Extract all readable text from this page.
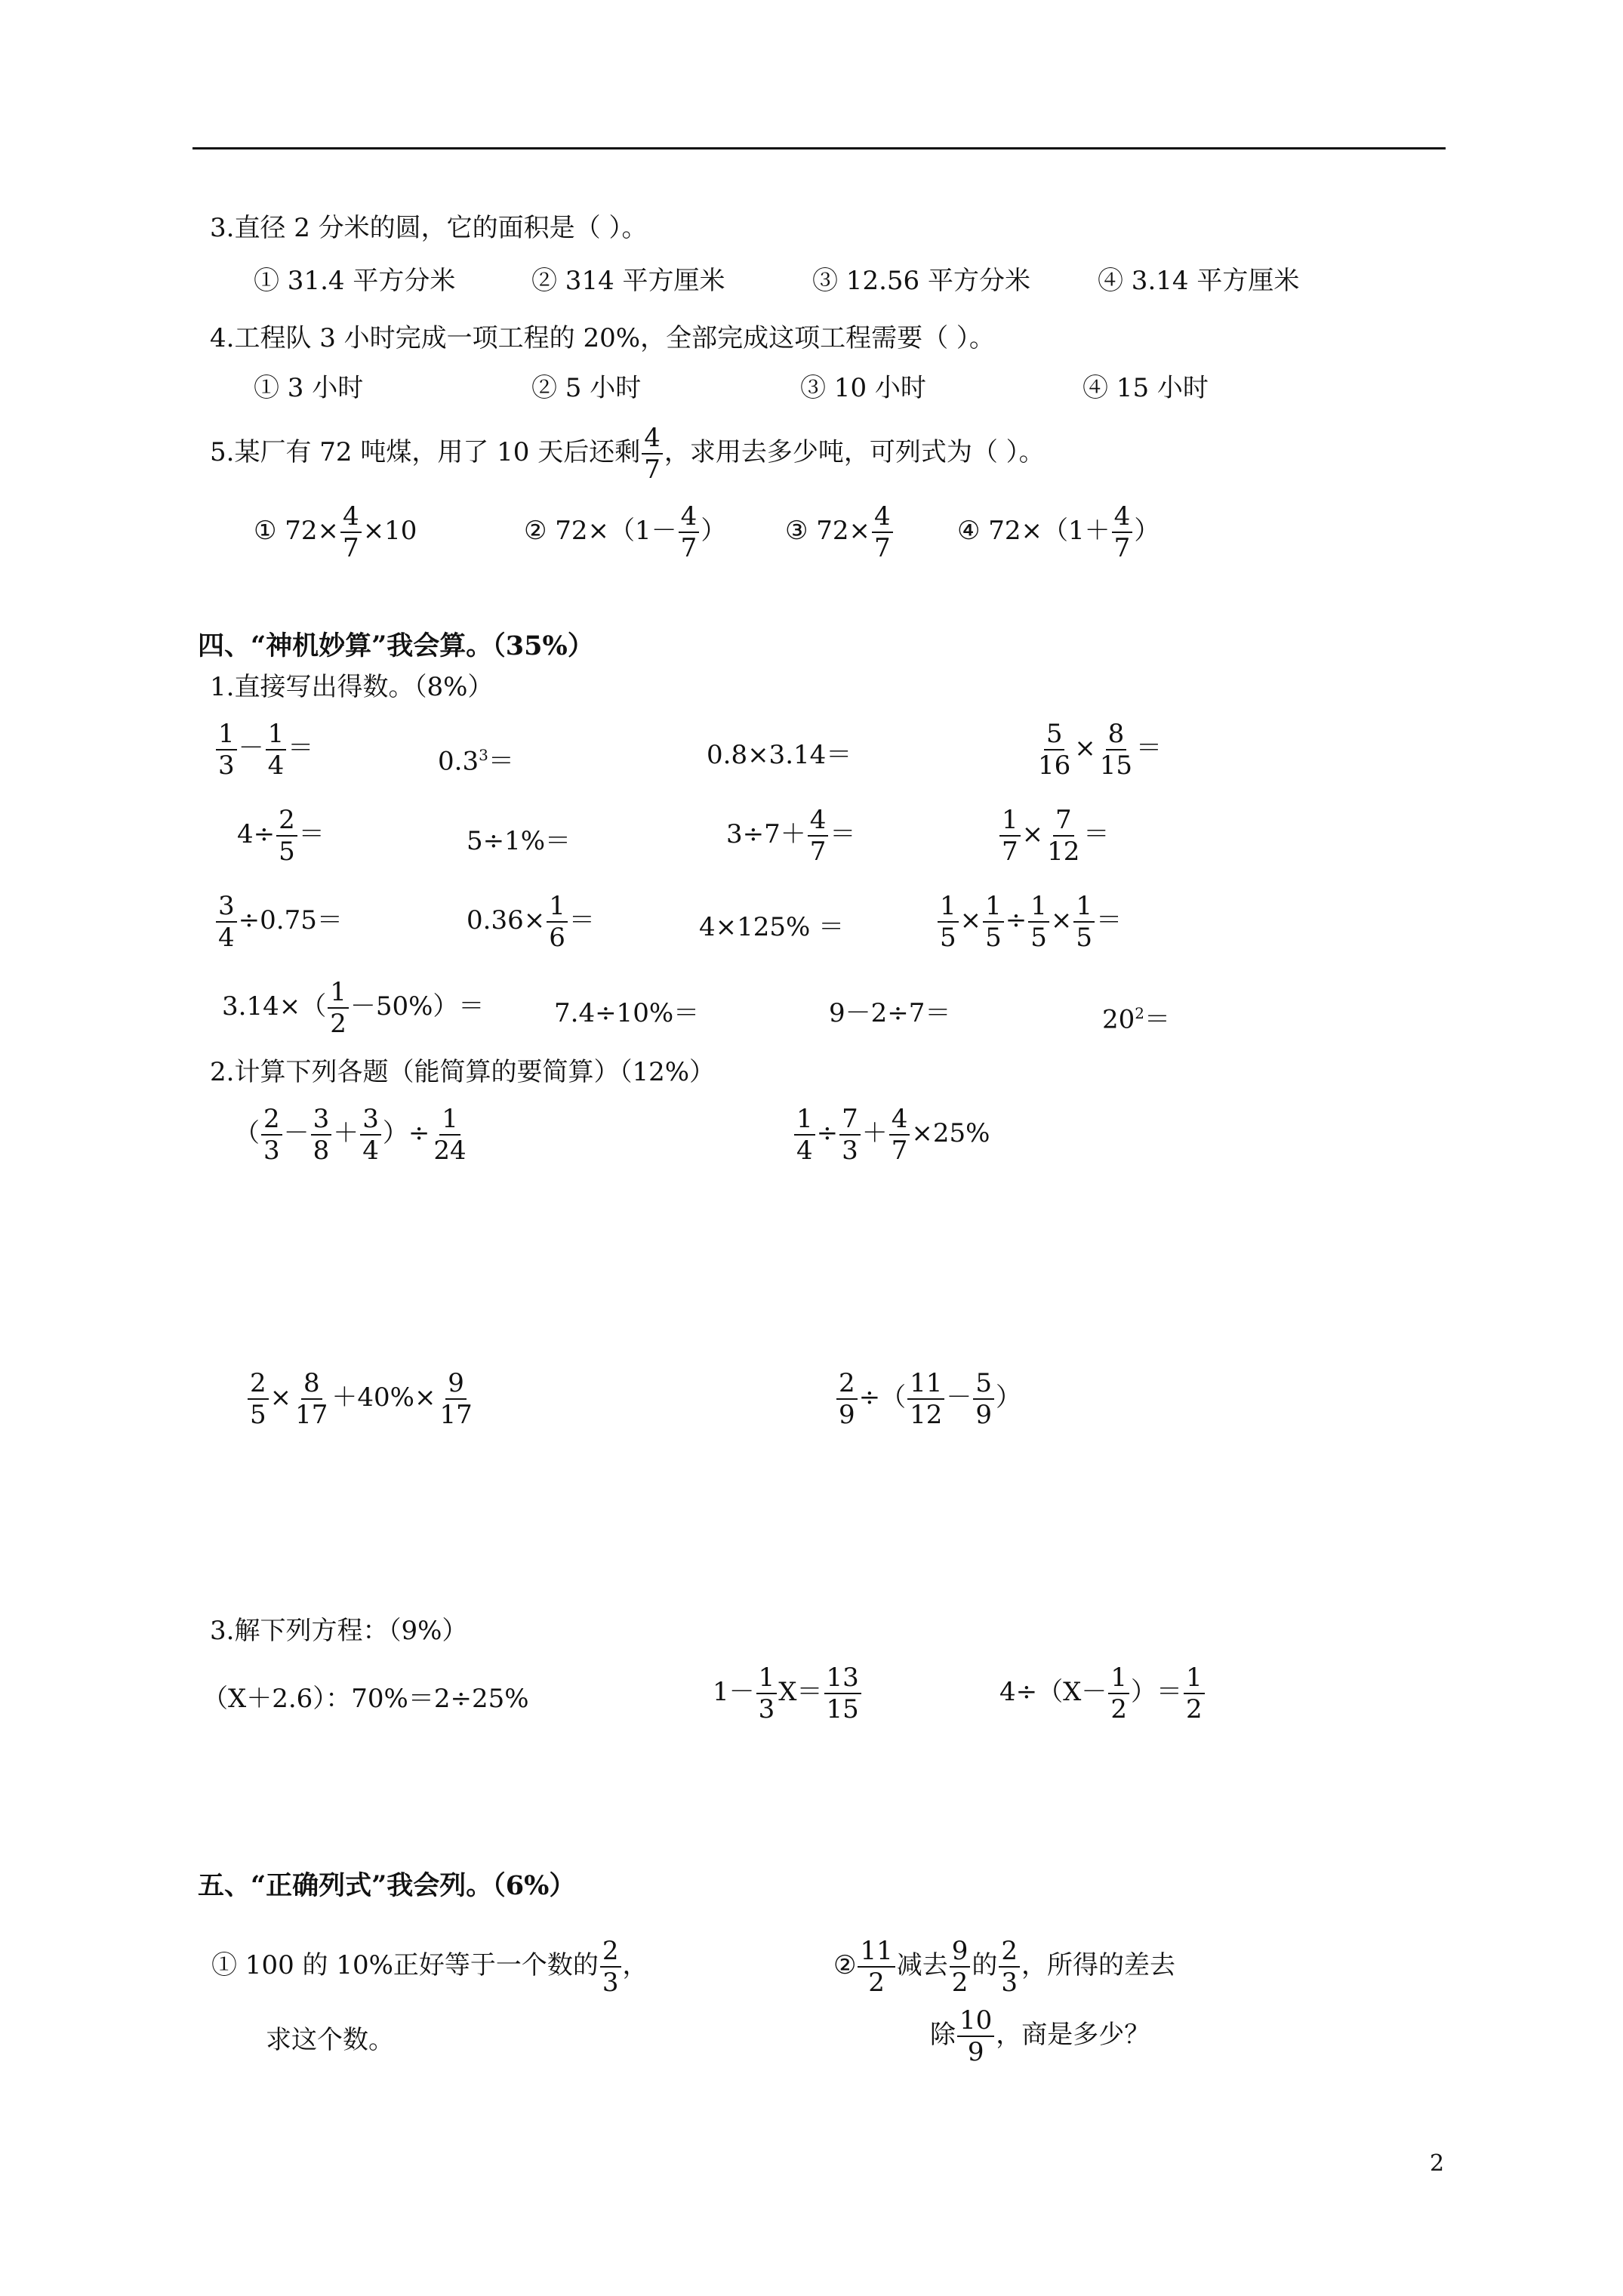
3.直径 2 分米的圆，它的面积是（ ）。
① 31.4 平方分米	② 314 平方厘米	③ 12.56 平方分米	④ 3.14 平方厘米
4.工程队 3 小时完成一项工程的 20%，全部完成这项工程需要（ ）。
① 3 小时	② 5 小时	③ 10 小时	④ 15 小时
5.某厂有 72 吨煤，用了 10 天后还剩 $\frac{4}{7}$ ，求用去多少吨，可列式为（ ）。
① $72\times \frac{4}{7} \times 10$	② $72\times(1- \frac{4}{7}$ ） ③ $72\times \frac{4}{7}$	④ $72\times(1+ \frac{4}{7}$ ）
四、“神机妙算”我会算。（35%）
1.直接写出得数。（8%）
$\frac{1}{3} - \frac{1}{4}$ ＝	$0.3^3=$	0.8×3.14＝	$\frac{5}{16} \times \frac{8}{15}$ ＝
$4\div \frac{2}{5}$ ＝	5÷1%＝	$3\div 7+ \frac{4}{7}$ ＝	$\frac{1}{7} \times \frac{7}{12}$ ＝
$\frac{3}{4} \div 0.75=$	$0.36\times \frac{1}{6}$ ＝	4×125% ＝	$\frac{1}{5} \times \frac{1}{5} \div \frac{1}{5} \times \frac{1}{5}$ ＝
$3.14\times( \frac{1}{2} -50\%)=$	7.4÷10%＝	9－2÷7＝	$20^2=$
2.计算下列各题（能简算的要简算）（12%）
（ $\frac{2}{3} - \frac{3}{8} + \frac{3}{4}$ ）÷ $\frac{1}{24}$	$\frac{1}{4} \div \frac{7}{3} + \frac{4}{7} \times 25\%$
$\frac{2}{5} \times \frac{8}{17} +40\%\times \frac{9}{17}$	$\frac{2}{9}$ ÷（ $\frac{11}{12} - \frac{5}{9}$ ）
3.解下列方程：（9%）
（X＋2.6）：70%＝2÷25%	$1- \frac{1}{3} X= \frac{13}{15}$	$4\div(X- \frac{1}{2}$ ）＝ $\frac{1}{2}$
五、“正确列式”我会列。（6%）
① 100 的 10%正好等于一个数的 $\frac{2}{3}$ ，
求这个数。
② $\frac{11}{2}$ 减去 $\frac{9}{2}$ 的 $\frac{2}{3}$ ，所得的差去
除 $\frac{10}{9}$ ，商是多少？
2
